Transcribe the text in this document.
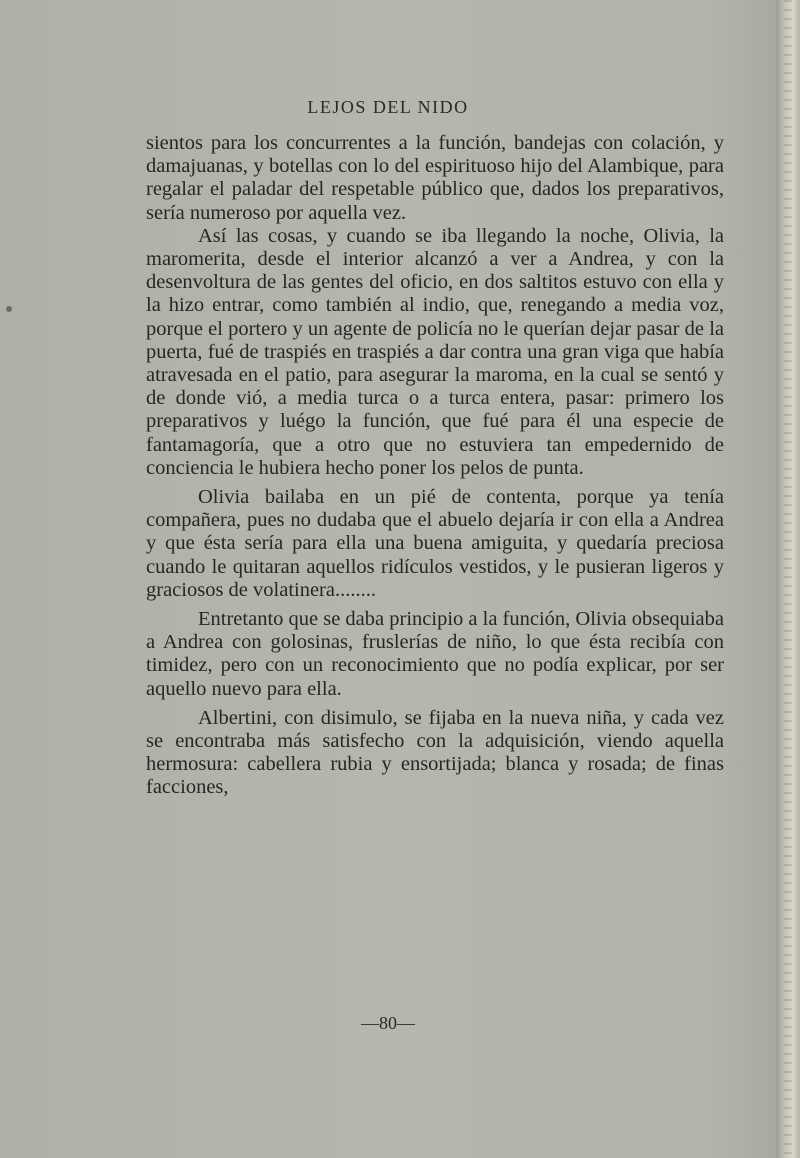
LEJOS DEL NIDO

sientos para los concurrentes a la función, bandejas con colación, y damajuanas, y botellas con lo del espirituoso hijo del Alambique, para regalar el paladar del respetable público que, dados los preparativos, sería numeroso por aquella vez.

Así las cosas, y cuando se iba llegando la noche, Olivia, la maromerita, desde el interior alcanzó a ver a Andrea, y con la desenvoltura de las gentes del oficio, en dos saltitos estuvo con ella y la hizo entrar, como también al indio, que, renegando a media voz, porque el portero y un agente de policía no le querían dejar pasar de la puerta, fué de traspiés en traspiés a dar contra una gran viga que había atravesada en el patio, para asegurar la maroma, en la cual se sentó y de donde vió, a media turca o a turca entera, pasar: primero los preparativos y luégo la función, que fué para él una especie de fantamagoría, que a otro que no estuviera tan empedernido de conciencia le hubiera hecho poner los pelos de punta.

Olivia bailaba en un pié de contenta, porque ya tenía compañera, pues no dudaba que el abuelo dejaría ir con ella a Andrea y que ésta sería para ella una buena amiguita, y quedaría preciosa cuando le quitaran aquellos ridículos vestidos, y le pusieran ligeros y graciosos de volatinera........

Entretanto que se daba principio a la función, Olivia obsequiaba a Andrea con golosinas, fruslerías de niño, lo que ésta recibía con timidez, pero con un reconocimiento que no podía explicar, por ser aquello nuevo para ella.

Albertini, con disimulo, se fijaba en la nueva niña, y cada vez se encontraba más satisfecho con la adquisición, viendo aquella hermosura: cabellera rubia y ensortijada; blanca y rosada; de finas facciones,

—80—
